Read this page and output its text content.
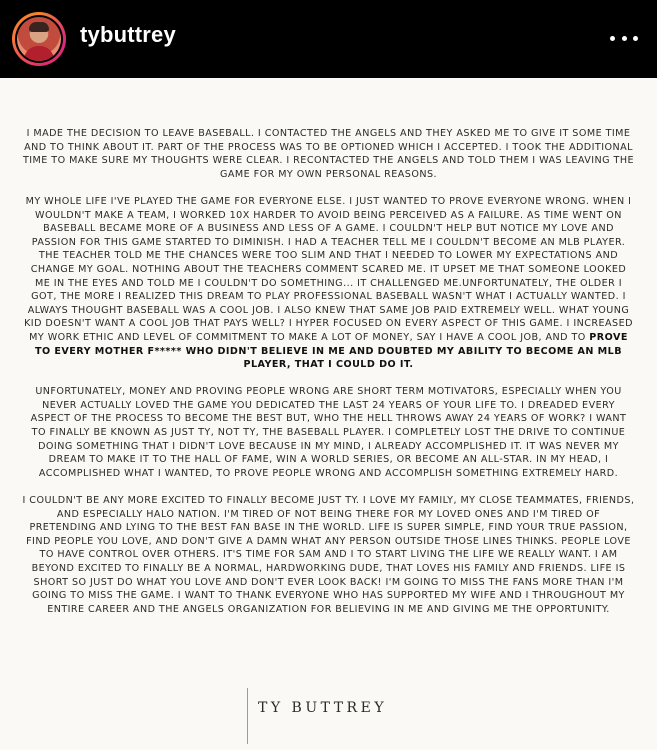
tybuttrey

I MADE THE DECISION TO LEAVE BASEBALL. I CONTACTED THE ANGELS AND THEY ASKED ME TO GIVE IT SOME TIME AND TO THINK ABOUT IT. PART OF THE PROCESS WAS TO BE OPTIONED WHICH I ACCEPTED. I TOOK THE ADDITIONAL TIME TO MAKE SURE MY THOUGHTS WERE CLEAR. I RECONTACTED THE ANGELS AND TOLD THEM I WAS LEAVING THE GAME FOR MY OWN PERSONAL REASONS.

MY WHOLE LIFE I'VE PLAYED THE GAME FOR EVERYONE ELSE. I JUST WANTED TO PROVE EVERYONE WRONG. WHEN I WOULDN'T MAKE A TEAM, I WORKED 10X HARDER TO AVOID BEING PERCEIVED AS A FAILURE. AS TIME WENT ON BASEBALL BECAME MORE OF A BUSINESS AND LESS OF A GAME. I COULDN'T HELP BUT NOTICE MY LOVE AND PASSION FOR THIS GAME STARTED TO DIMINISH. I HAD A TEACHER TELL ME I COULDN'T BECOME AN MLB PLAYER. THE TEACHER TOLD ME THE CHANCES WERE TOO SLIM AND THAT I NEEDED TO LOWER MY EXPECTATIONS AND CHANGE MY GOAL. NOTHING ABOUT THE TEACHERS COMMENT SCARED ME. IT UPSET ME THAT SOMEONE LOOKED ME IN THE EYES AND TOLD ME I COULDN'T DO SOMETHING... IT CHALLENGED ME.UNFORTUNATELY, THE OLDER I GOT, THE MORE I REALIZED THIS DREAM TO PLAY PROFESSIONAL BASEBALL WASN'T WHAT I ACTUALLY WANTED. I ALWAYS THOUGHT BASEBALL WAS A COOL JOB. I ALSO KNEW THAT SAME JOB PAID EXTREMELY WELL. WHAT YOUNG KID DOESN'T WANT A COOL JOB THAT PAYS WELL? I HYPER FOCUSED ON EVERY ASPECT OF THIS GAME. I INCREASED MY WORK ETHIC AND LEVEL OF COMMITMENT TO MAKE A LOT OF MONEY, SAY I HAVE A COOL JOB, AND TO PROVE TO EVERY MOTHER F***** WHO DIDN'T BELIEVE IN ME AND DOUBTED MY ABILITY TO BECOME AN MLB PLAYER, THAT I COULD DO IT.

UNFORTUNATELY, MONEY AND PROVING PEOPLE WRONG ARE SHORT TERM MOTIVATORS, ESPECIALLY WHEN YOU NEVER ACTUALLY LOVED THE GAME YOU DEDICATED THE LAST 24 YEARS OF YOUR LIFE TO. I DREADED EVERY ASPECT OF THE PROCESS TO BECOME THE BEST BUT, WHO THE HELL THROWS AWAY 24 YEARS OF WORK? I WANT TO FINALLY BE KNOWN AS JUST TY, NOT TY, THE BASEBALL PLAYER. I COMPLETELY LOST THE DRIVE TO CONTINUE DOING SOMETHING THAT I DIDN'T LOVE BECAUSE IN MY MIND, I ALREADY ACCOMPLISHED IT. IT WAS NEVER MY DREAM TO MAKE IT TO THE HALL OF FAME, WIN A WORLD SERIES, OR BECOME AN ALL-STAR. IN MY HEAD, I ACCOMPLISHED WHAT I WANTED, TO PROVE PEOPLE WRONG AND ACCOMPLISH SOMETHING EXTREMELY HARD.

I COULDN'T BE ANY MORE EXCITED TO FINALLY BECOME JUST TY. I LOVE MY FAMILY, MY CLOSE TEAMMATES, FRIENDS, AND ESPECIALLY HALO NATION. I'M TIRED OF NOT BEING THERE FOR MY LOVED ONES AND I'M TIRED OF PRETENDING AND LYING TO THE BEST FAN BASE IN THE WORLD. LIFE IS SUPER SIMPLE, FIND YOUR TRUE PASSION, FIND PEOPLE YOU LOVE, AND DON'T GIVE A DAMN WHAT ANY PERSON OUTSIDE THOSE LINES THINKS. PEOPLE LOVE TO HAVE CONTROL OVER OTHERS. IT'S TIME FOR SAM AND I TO START LIVING THE LIFE WE REALLY WANT. I AM BEYOND EXCITED TO FINALLY BE A NORMAL, HARDWORKING DUDE, THAT LOVES HIS FAMILY AND FRIENDS. LIFE IS SHORT SO JUST DO WHAT YOU LOVE AND DON'T EVER LOOK BACK! I'M GOING TO MISS THE FANS MORE THAN I'M GOING TO MISS THE GAME. I WANT TO THANK EVERYONE WHO HAS SUPPORTED MY WIFE AND I THROUGHOUT MY ENTIRE CAREER AND THE ANGELS ORGANIZATION FOR BELIEVING IN ME AND GIVING ME THE OPPORTUNITY.

TY BUTTREY
